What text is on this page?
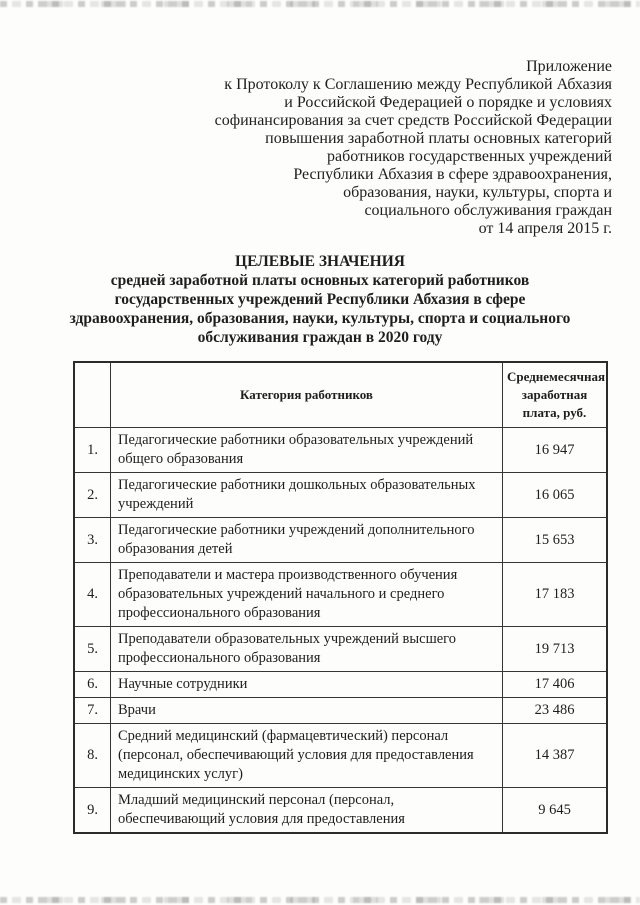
Приложение
к Протоколу к Соглашению между Республикой Абхазия
и Российской Федерацией о порядке и условиях
софинансирования за счет средств Российской Федерации
повышения заработной платы основных категорий
работников государственных учреждений
Республики Абхазия в сфере здравоохранения,
образования, науки, культуры, спорта и
социального обслуживания граждан
от 14 апреля 2015 г.
ЦЕЛЕВЫЕ ЗНАЧЕНИЯ
средней заработной платы основных категорий работников
государственных учреждений Республики Абхазия в сфере
здравоохранения, образования, науки, культуры, спорта и социального
обслуживания граждан в 2020 году
	Категория работников	Среднемесячная заработная плата, руб.
1.	Педагогические работники образовательных учреждений общего образования	16 947
2.	Педагогические работники дошкольных образовательных учреждений	16 065
3.	Педагогические работники учреждений дополнительного образования детей	15 653
4.	Преподаватели и мастера производственного обучения образовательных учреждений начального и среднего профессионального образования	17 183
5.	Преподаватели образовательных учреждений высшего профессионального образования	19 713
6.	Научные сотрудники	17 406
7.	Врачи	23 486
8.	Средний медицинский (фармацевтический) персонал (персонал, обеспечивающий условия для предоставления медицинских услуг)	14 387
9.	Младший медицинский персонал (персонал, обеспечивающий условия для предоставления	9 645
